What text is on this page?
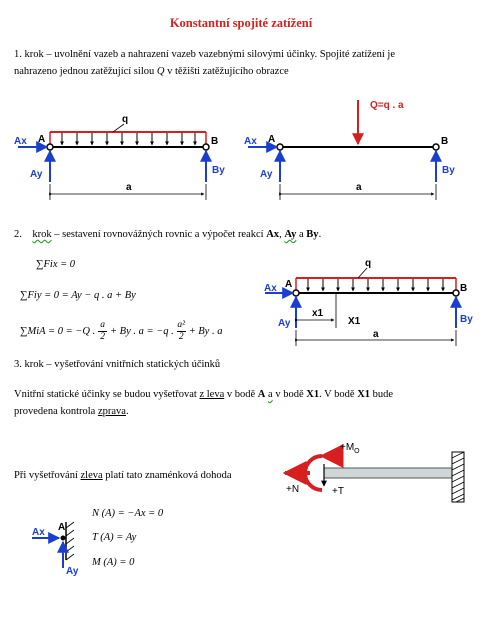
Konstantní spojité zatížení
1. krok – uvolnění vazeb a nahrazení vazeb vazebnými silovými účinky. Spojité zatížení je
nahrazeno jednou zatěžující silou Q v těžišti zatěžujícího obrazce
q
A	B
Ax
Ay	By
a
Q=q . a
A	B
Ax
Ay	By
a
2. krok – sestavení rovnovážných rovnic a výpočet reakcí Ax, Ay a By.
∑Fix = 0
∑Fiy = 0 = Ay − q . a + By
∑MiA = 0 = −Q .
a
2 + By . a = −q .
a²
2 + By . a
q
A	B
Ax
Ay	By
x1
X1
a
3. krok – vyšetřování vnitřních statických účinků
Vnitřní statické účinky se budou vyšetřovat z leva v bodě A a v bodě X1. V bodě X1 bude
provedena kontrola zprava.
Při vyšetřování zleva platí tato znaménková dohoda
$+M_O$
+N	+T
A
Ax
Ay
N (A) = −Ax = 0
T (A) = Ay
M (A) = 0
